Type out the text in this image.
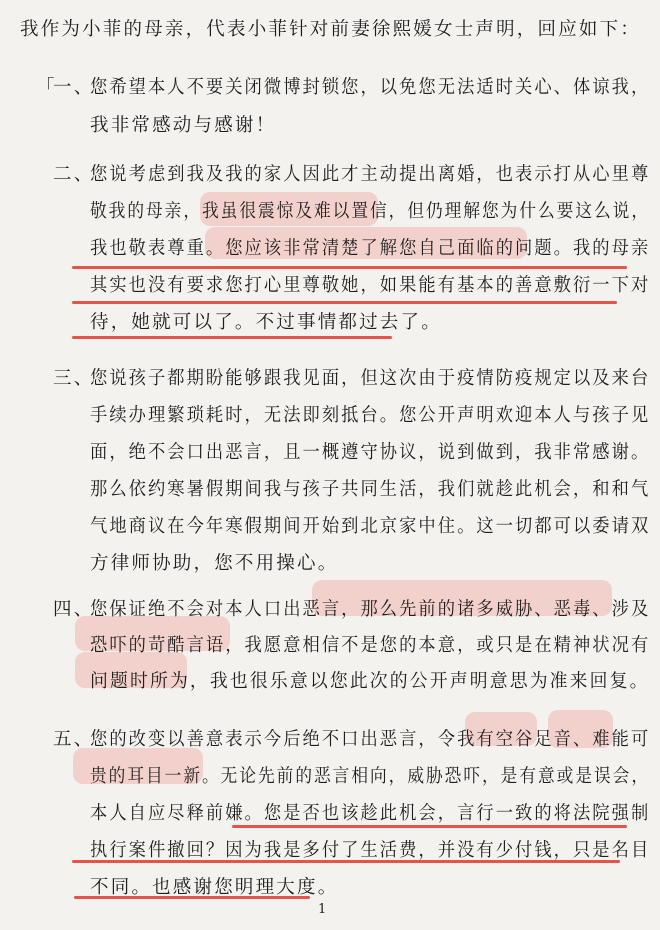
我作为小菲的母亲，代表小菲针对前妻徐熙媛女士声明，回应如下：
「
一、
您希望本人不要关闭微博封锁您，以免您无法适时关心、体谅我，
我非常感动与感谢！
二、
您说考虑到我及我的家人因此才主动提出离婚，也表示打从心里尊
敬我的母亲，我虽很震惊及难以置信，但仍理解您为什么要这么说，
我也敬表尊重。您应该非常清楚了解您自己面临的问题。我的母亲
其实也没有要求您打心里尊敬她，如果能有基本的善意敷衍一下对
待，她就可以了。不过事情都过去了。
三、
您说孩子都期盼能够跟我见面，但这次由于疫情防疫规定以及来台
手续办理繁琐耗时，无法即刻抵台。您公开声明欢迎本人与孩子见
面，绝不会口出恶言，且一概遵守协议，说到做到，我非常感谢。
那么依约寒暑假期间我与孩子共同生活，我们就趁此机会，和和气
气地商议在今年寒假期间开始到北京家中住。这一切都可以委请双
方律师协助，您不用操心。
四、
您保证绝不会对本人口出恶言，那么先前的诸多威胁、恶毒、涉及
恐吓的苛酷言语，我愿意相信不是您的本意，或只是在精神状况有
问题时所为，我也很乐意以您此次的公开声明意思为准来回复。
五、
您的改变以善意表示今后绝不口出恶言，令我有空谷足音、难能可
贵的耳目一新。无论先前的恶言相向，威胁恐吓，是有意或是误会，
本人自应尽释前嫌。您是否也该趁此机会，言行一致的将法院强制
执行案件撤回？因为我是多付了生活费，并没有少付钱，只是名目
不同。也感谢您明理大度。
1
